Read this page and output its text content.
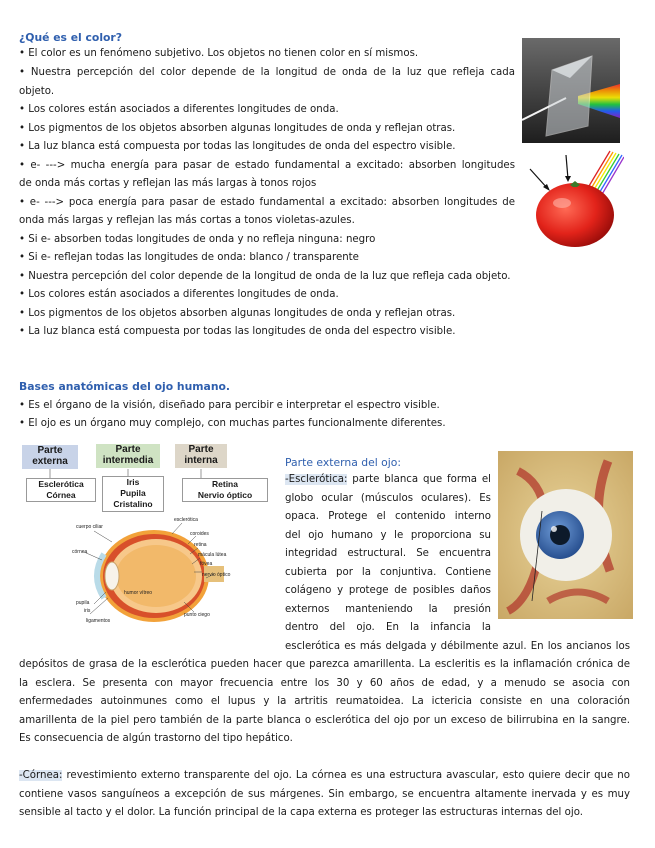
¿Qué es el color?
• El color es un fenómeno subjetivo. Los objetos no tienen color en sí mismos.
• Nuestra percepción del color depende de la longitud de onda de la luz que refleja cada
objeto.
• Los colores están asociados a diferentes longitudes de onda.
• Los pigmentos de los objetos absorben algunas longitudes de onda y reflejan otras.
• La luz blanca está compuesta por todas las longitudes de onda del espectro visible.
• e- ---> mucha energía para pasar de estado fundamental a excitado: absorben longitudes
de onda más cortas y reflejan las más largas à tonos rojos
• e- ---> poca energía para pasar de estado fundamental a excitado: absorben longitudes de
onda más largas y reflejan las más cortas a tonos violetas-azules.
• Si e- absorben todas longitudes de onda y no refleja ninguna: negro
• Si e- reflejan todas las longitudes de onda: blanco / transparente
• Nuestra percepción del color depende de la longitud de onda de la luz que refleja cada objeto.
• Los colores están asociados a diferentes longitudes de onda.
• Los pigmentos de los objetos absorben algunas longitudes de onda y reflejan otras.
• La luz blanca está compuesta por todas las longitudes de onda del espectro visible.
Bases anatómicas del ojo humano.
• Es el órgano de la visión, diseñado para percibir e interpretar el espectro visible.
• El ojo es un órgano muy complejo, con muchas partes funcionalmente diferentes.
Parte externa
Parte intermedia
Parte interna
Esclerótica
Córnea
Iris
Pupila
Cristalino
Retina
Nervio óptico
cuerpo ciliar
esclerótica
córnea
coroides
retina
mácula lútea
fóvea
humor vítreo
nervio óptico
pupila
iris
ligamentos
punto ciego
Parte externa del ojo:
-Esclerótica: parte blanca que forma el
globo ocular (músculos oculares). Es
opaca. Protege el contenido interno
del ojo humano y le proporciona su
integridad estructural. Se encuentra
cubierta por la conjuntiva. Contiene
colágeno y protege de posibles daños
externos manteniendo la presión
dentro del ojo. En la infancia la
esclerótica es más delgada y débilmente azul. En los ancianos los
depósitos de grasa de la esclerótica pueden hacer que parezca amarillenta. La escleritis es la inflamación crónica de
la esclera. Se presenta con mayor frecuencia entre los 30 y 60 años de edad, y a menudo se asocia con
enfermedades autoinmunes como el lupus y la artritis reumatoidea. La ictericia consiste en una coloración
amarillenta de la piel pero también de la parte blanca o esclerótica del ojo por un exceso de bilirrubina en la sangre.
Es consecuencia de algún trastorno del tipo hepático.
-Córnea: revestimiento externo transparente del ojo. La córnea es una estructura avascular, esto quiere decir que no
contiene vasos sanguíneos a excepción de sus márgenes. Sin embargo, se encuentra altamente inervada y es muy
sensible al tacto y el dolor. La función principal de la capa externa es proteger las estructuras internas del ojo.
